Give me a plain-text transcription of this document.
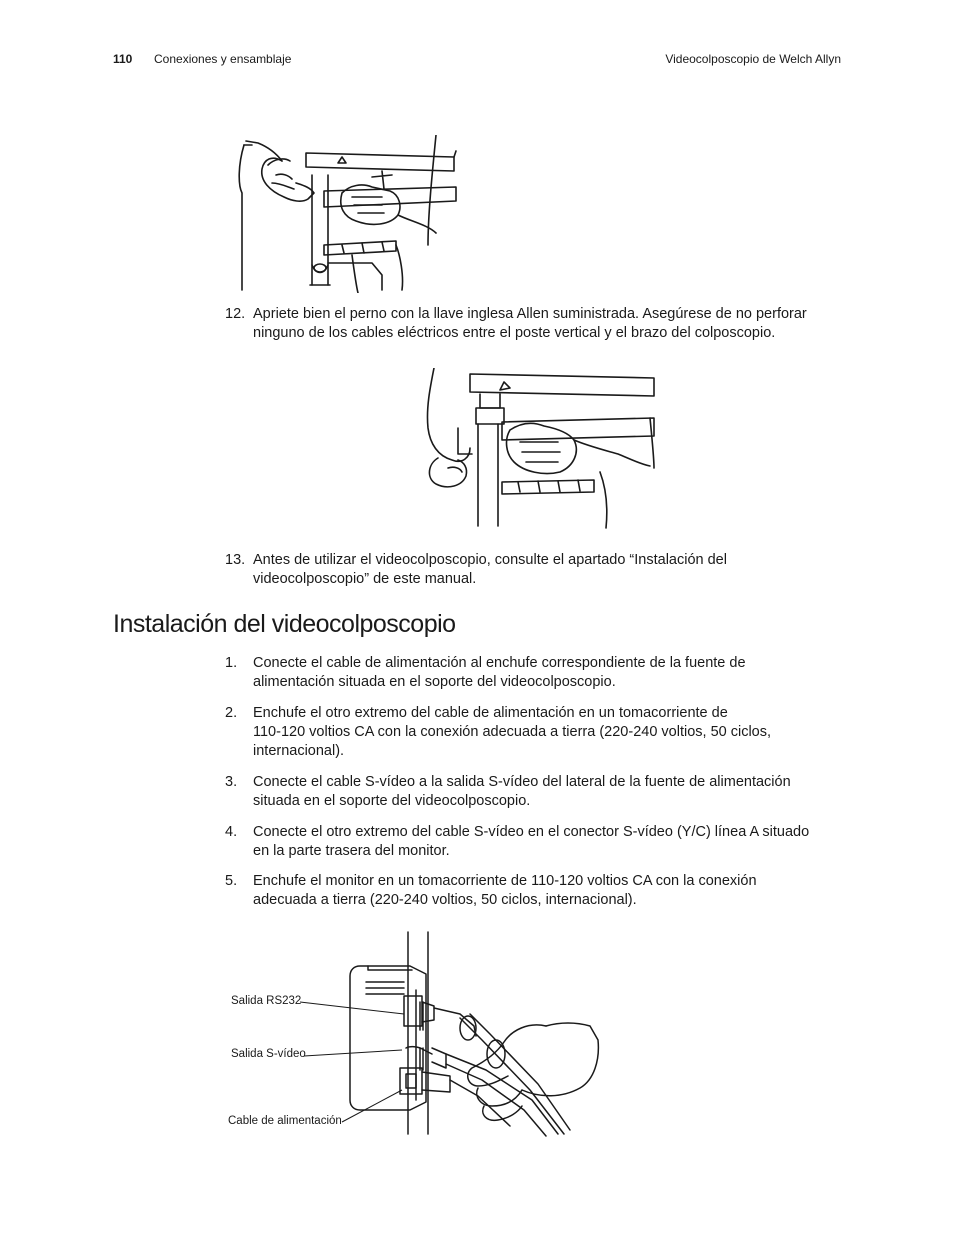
110 Conexiones y ensamblaje	Videocolposcopio de Welch Allyn
12. Apriete bien el perno con la llave inglesa Allen suministrada. Asegúrese de no perforar
ninguno de los cables eléctricos entre el poste vertical y el brazo del colposcopio.
13. Antes de utilizar el videocolposcopio, consulte el apartado “Instalación del
videocolposcopio” de este manual.
Instalación del videocolposcopio
1. Conecte el cable de alimentación al enchufe correspondiente de la fuente de
alimentación situada en el soporte del videocolposcopio.
2. Enchufe el otro extremo del cable de alimentación en un tomacorriente de
110-120 voltios CA con la conexión adecuada a tierra (220-240 voltios, 50 ciclos,
internacional).
3. Conecte el cable S-vídeo a la salida S-vídeo del lateral de la fuente de alimentación
situada en el soporte del videocolposcopio.
4. Conecte el otro extremo del cable S-vídeo en el conector S-vídeo (Y/C) línea A situado
en la parte trasera del monitor.
5. Enchufe el monitor en un tomacorriente de 110-120 voltios CA con la conexión
adecuada a tierra (220-240 voltios, 50 ciclos, internacional).
Salida RS232
Salida S-vídeo
Cable de alimentación
